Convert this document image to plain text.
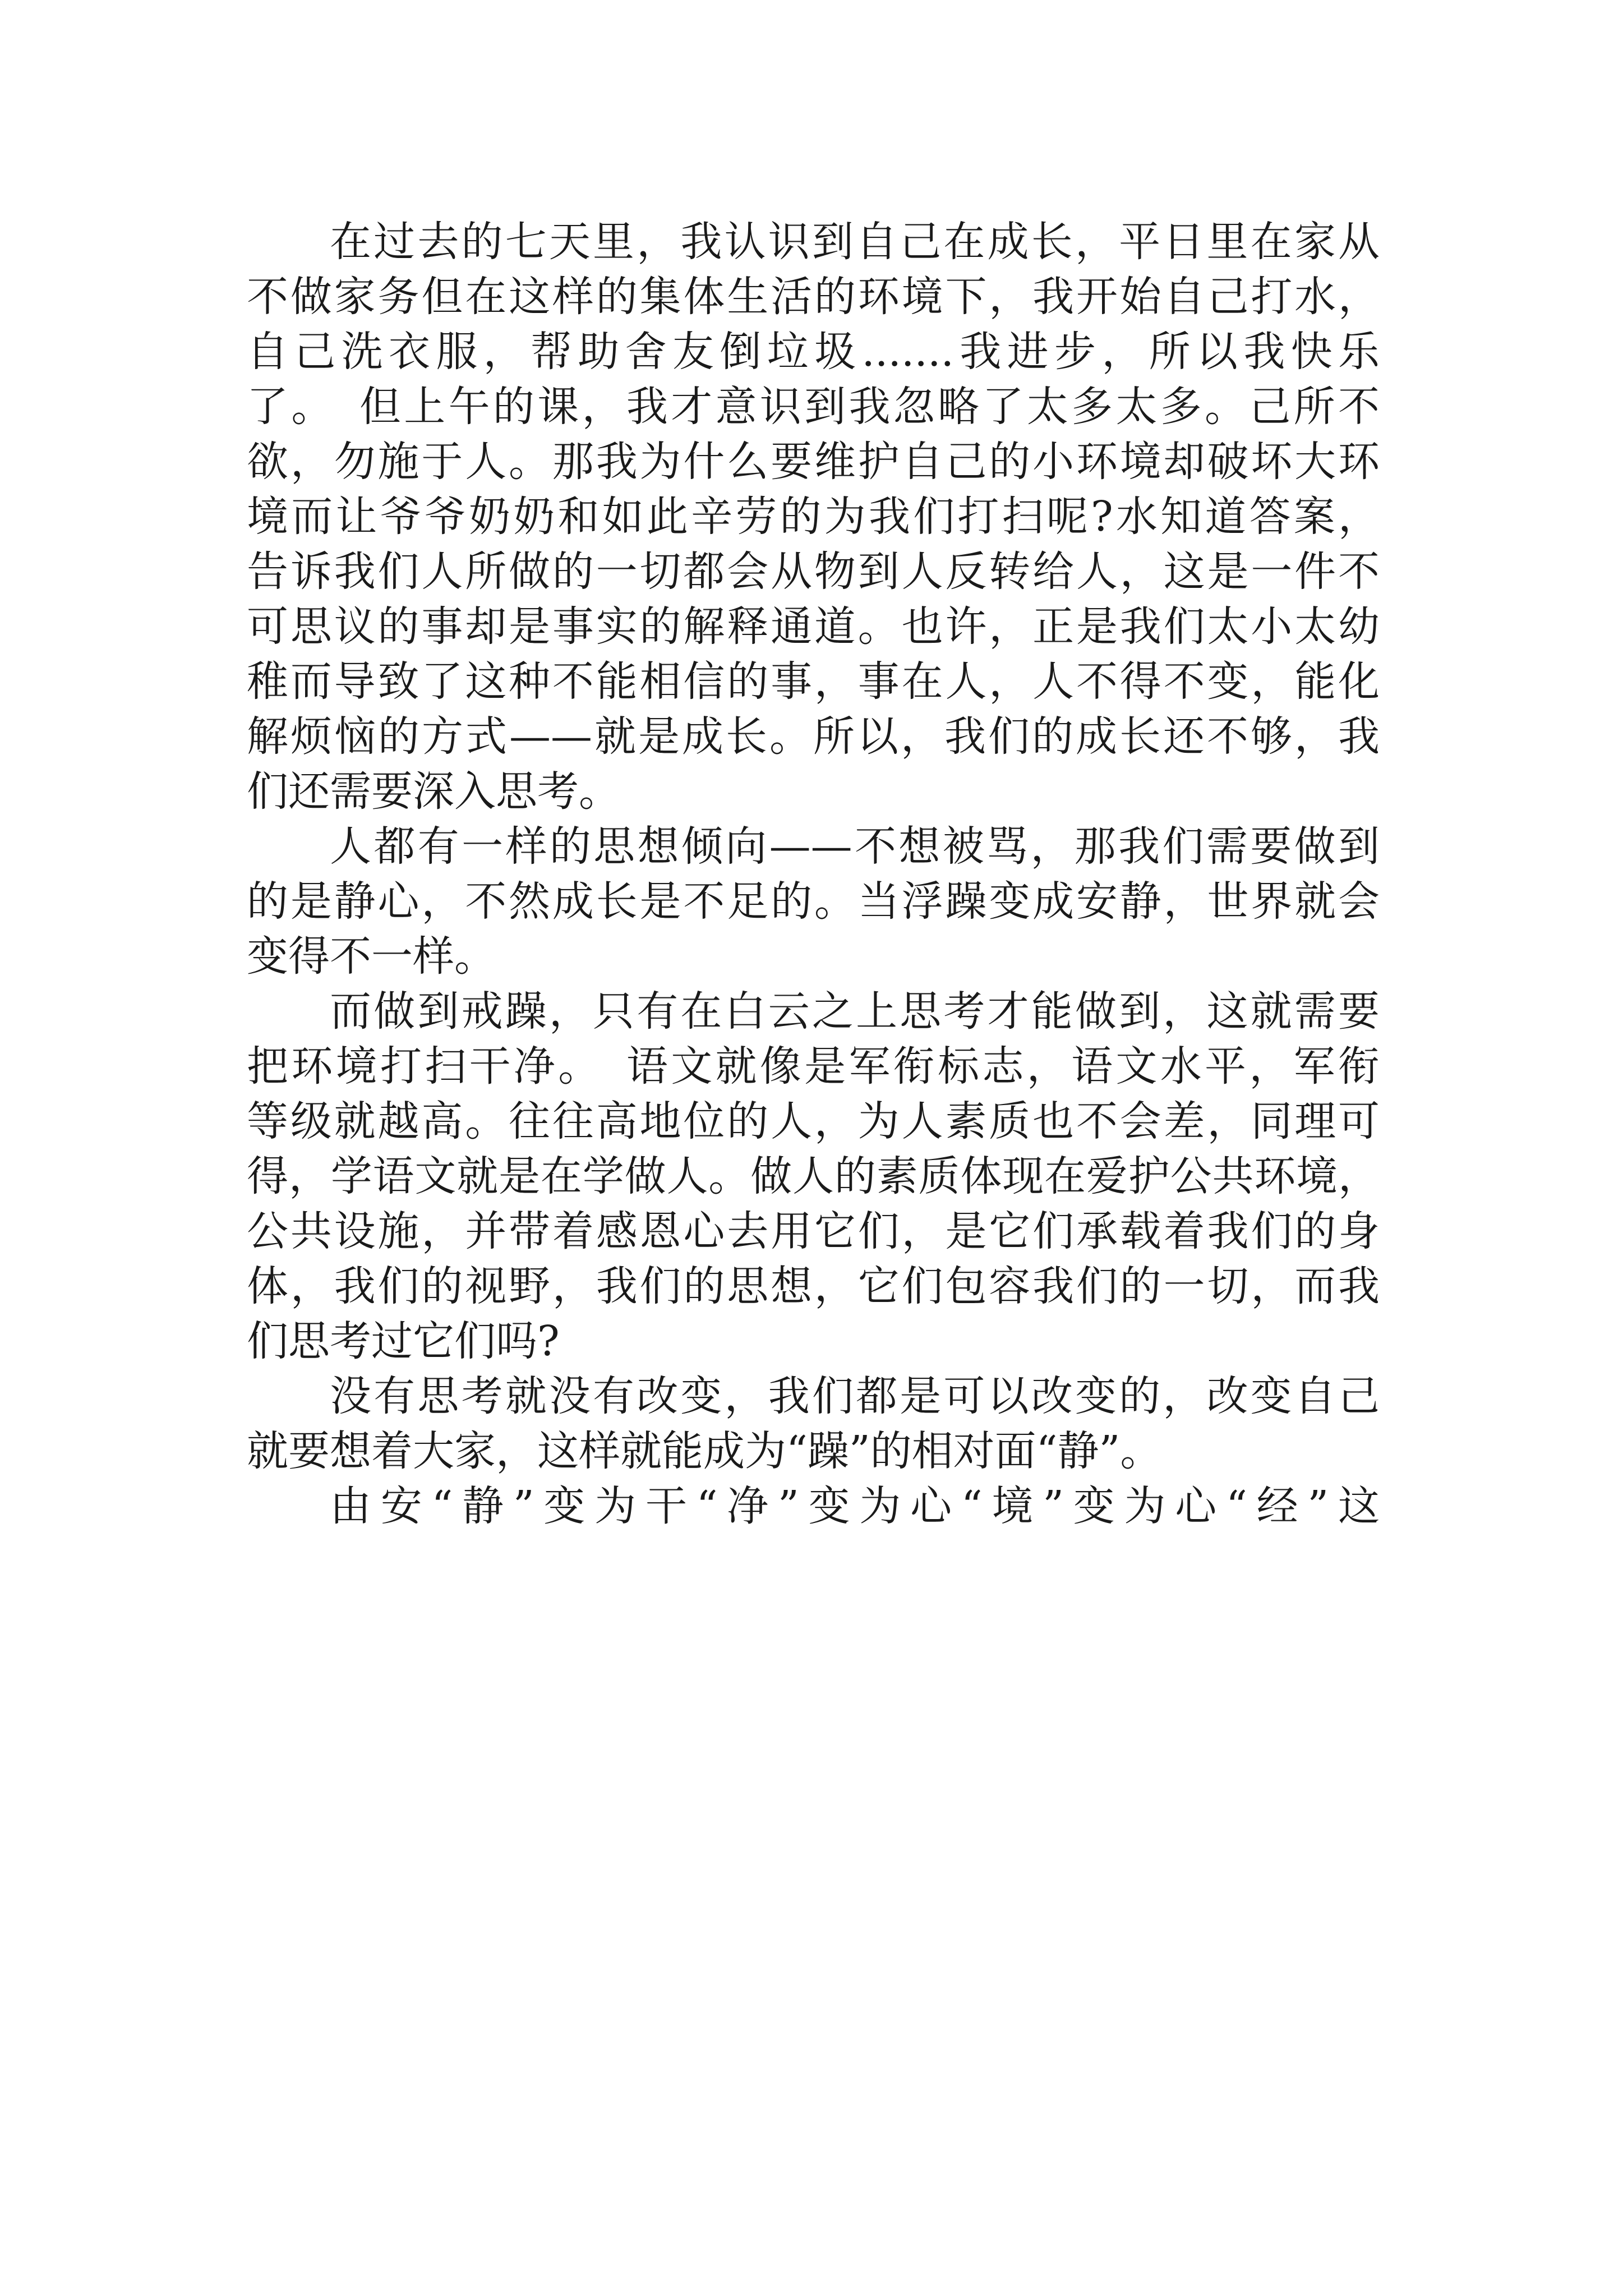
在过去的七天里，我认识到自己在成长，平日里在家从
不做家务但在这样的集体生活的环境下，我开始自己打水，
自己洗衣服，帮助舍友倒垃圾.......我进步，所以我快乐
了。　但上午的课，我才意识到我忽略了太多太多。己所不
欲，勿施于人。那我为什么要维护自己的小环境却破坏大环
境而让爷爷奶奶和如此辛劳的为我们打扫呢?水知道答案，
告诉我们人所做的一切都会从物到人反转给人，这是一件不
可思议的事却是事实的解释通道。也许，正是我们太小太幼
稚而导致了这种不能相信的事，事在人，人不得不变，能化
解烦恼的方式——就是成长。所以，我们的成长还不够，我
们还需要深入思考。
人都有一样的思想倾向——不想被骂，那我们需要做到
的是静心，不然成长是不足的。当浮躁变成安静，世界就会
变得不一样。
而做到戒躁，只有在白云之上思考才能做到，这就需要
把环境打扫干净。　语文就像是军衔标志，语文水平，军衔
等级就越高。往往高地位的人，为人素质也不会差，同理可
得，学语文就是在学做人。做人的素质体现在爱护公共环境，
公共设施，并带着感恩心去用它们，是它们承载着我们的身
体，我们的视野，我们的思想，它们包容我们的一切，而我
们思考过它们吗?
没有思考就没有改变，我们都是可以改变的，改变自己
就要想着大家，这样就能成为“躁”的相对面“静”。
由安“静”变为干“净”变为心“境”变为心“经”这
